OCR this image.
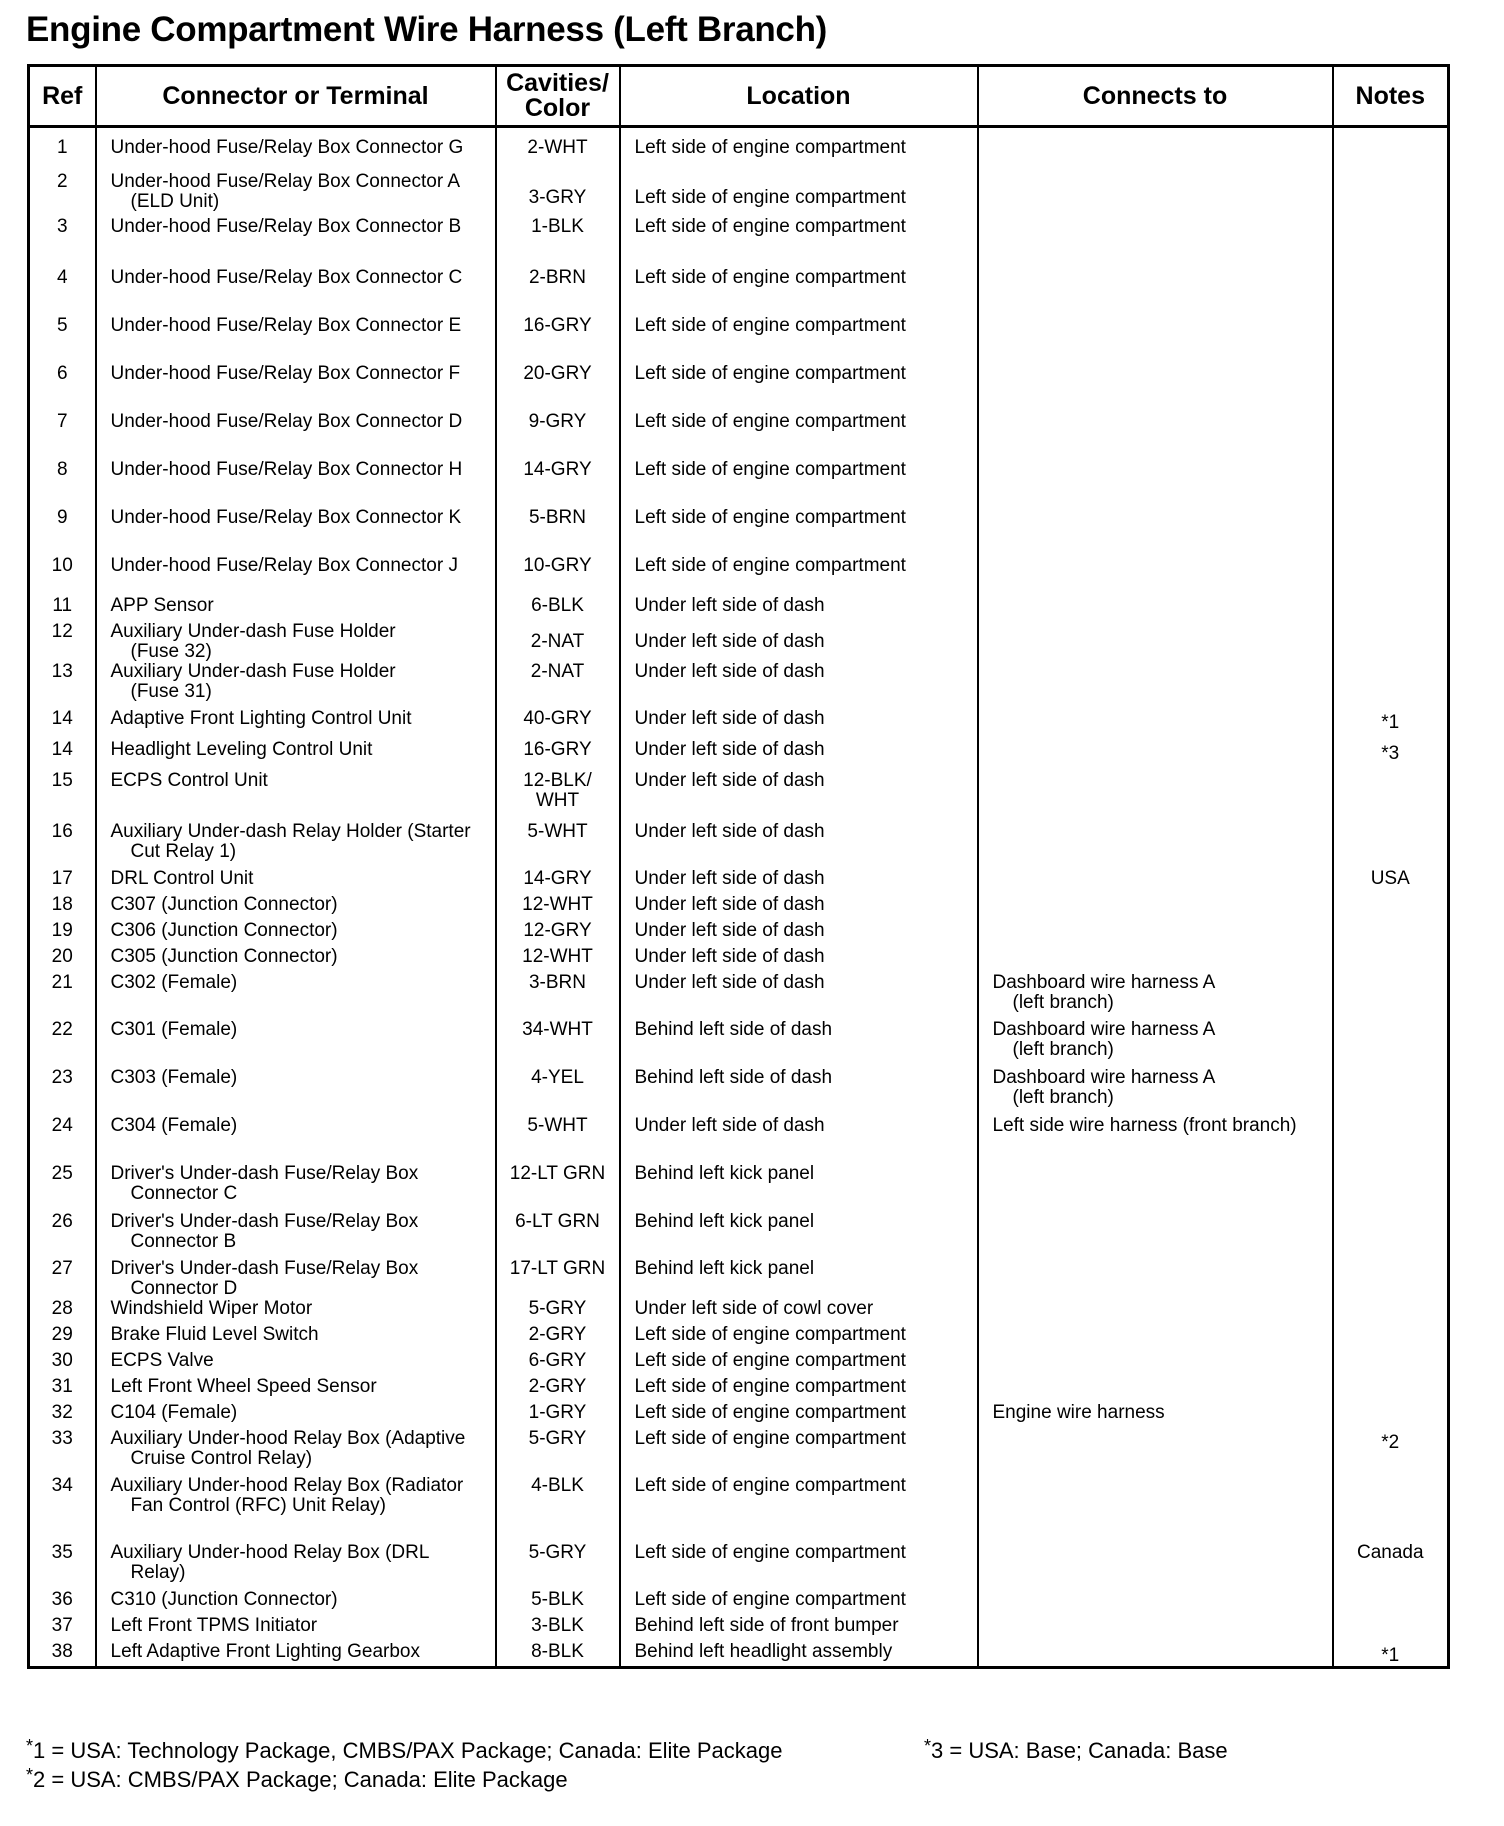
Engine Compartment Wire Harness (Left Branch)
Ref	Connector or Terminal	Cavities/
Color	Location	Connects to	Notes

1	Under-hood Fuse/Relay Box Connector G	2-WHT	Left side of engine compartment		

2	Under-hood Fuse/Relay Box Connector A
(ELD Unit)	3-GRY	Left side of engine compartment		

3	Under-hood Fuse/Relay Box Connector B	1-BLK	Left side of engine compartment		

4	Under-hood Fuse/Relay Box Connector C	2-BRN	Left side of engine compartment		

5	Under-hood Fuse/Relay Box Connector E	16-GRY	Left side of engine compartment		

6	Under-hood Fuse/Relay Box Connector F	20-GRY	Left side of engine compartment		

7	Under-hood Fuse/Relay Box Connector D	9-GRY	Left side of engine compartment		

8	Under-hood Fuse/Relay Box Connector H	14-GRY	Left side of engine compartment		

9	Under-hood Fuse/Relay Box Connector K	5-BRN	Left side of engine compartment		

10	Under-hood Fuse/Relay Box Connector J	10-GRY	Left side of engine compartment		

11	APP Sensor	6-BLK	Under left side of dash		

12	Auxiliary Under-dash Fuse Holder
(Fuse 32)	2-NAT	Under left side of dash		

13	Auxiliary Under-dash Fuse Holder
(Fuse 31)	2-NAT	Under left side of dash		

14	Adaptive Front Lighting Control Unit	40-GRY	Under left side of dash		*1

14	Headlight Leveling Control Unit	16-GRY	Under left side of dash		*3

15	ECPS Control Unit	12-BLK/
WHT	Under left side of dash		

16	Auxiliary Under-dash Relay Holder (Starter
Cut Relay 1)	5-WHT	Under left side of dash		

17	DRL Control Unit	14-GRY	Under left side of dash		USA

18	C307 (Junction Connector)	12-WHT	Under left side of dash		

19	C306 (Junction Connector)	12-GRY	Under left side of dash		

20	C305 (Junction Connector)	12-WHT	Under left side of dash		

21	C302 (Female)	3-BRN	Under left side of dash	Dashboard wire harness A
(left branch)	

22	C301 (Female)	34-WHT	Behind left side of dash	Dashboard wire harness A
(left branch)	

23	C303 (Female)	4-YEL	Behind left side of dash	Dashboard wire harness A
(left branch)	

24	C304 (Female)	5-WHT	Under left side of dash	Left side wire harness (front branch)	

25	Driver's Under-dash Fuse/Relay Box
Connector C	12-LT GRN	Behind left kick panel		

26	Driver's Under-dash Fuse/Relay Box
Connector B	6-LT GRN	Behind left kick panel		

27	Driver's Under-dash Fuse/Relay Box
Connector D	17-LT GRN	Behind left kick panel		

28	Windshield Wiper Motor	5-GRY	Under left side of cowl cover		

29	Brake Fluid Level Switch	2-GRY	Left side of engine compartment		

30	ECPS Valve	6-GRY	Left side of engine compartment		

31	Left Front Wheel Speed Sensor	2-GRY	Left side of engine compartment		

32	C104 (Female)	1-GRY	Left side of engine compartment	Engine wire harness	

33	Auxiliary Under-hood Relay Box (Adaptive
Cruise Control Relay)	5-GRY	Left side of engine compartment		*2

34	Auxiliary Under-hood Relay Box (Radiator
Fan Control (RFC) Unit Relay)	4-BLK	Left side of engine compartment		

35	Auxiliary Under-hood Relay Box (DRL
Relay)	5-GRY	Left side of engine compartment		Canada

36	C310 (Junction Connector)	5-BLK	Left side of engine compartment		

37	Left Front TPMS Initiator	3-BLK	Behind left side of front bumper		

38	Left Adaptive Front Lighting Gearbox	8-BLK	Behind left headlight assembly		*1
*1 = USA: Technology Package, CMBS/PAX Package; Canada: Elite Package
*2 = USA: CMBS/PAX Package; Canada: Elite Package
*3 = USA: Base; Canada: Base
